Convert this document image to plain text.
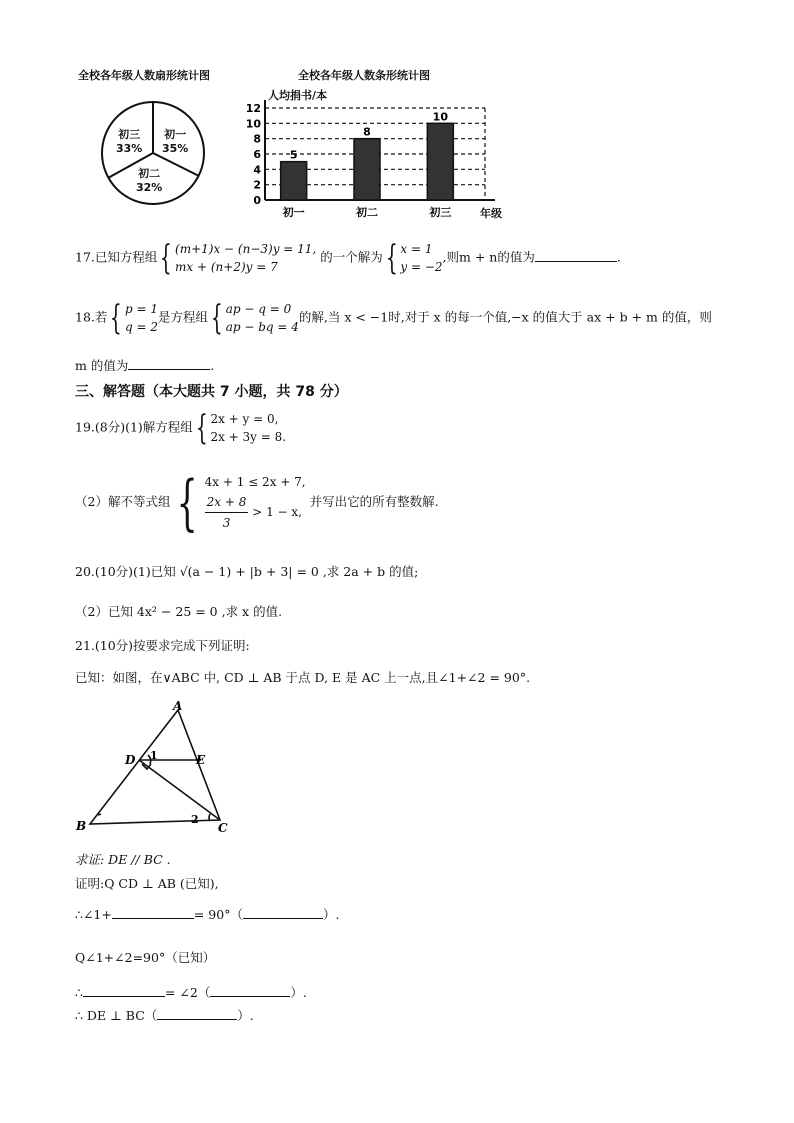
全校各年级人数扇形统计图
初三
33%
初一
35%
初二
32%
全校各年级人数条形统计图
人均捐书/本
年级
0
2
4
6
8
10
12
5
初一
8
初二
10
初三
17.已知方程组{ (m+1)x − (n−3)y = 11,
mx + (n+2)y = 7
的一个解为{ x = 1
y = −2
,则m + n的值为	.
18.若{ p = 1
q = 2
是方程组{ ap − q = 0
ap − bq = 4
的解,当 x < −1时,对于 x 的每一个值,−x 的值大于 ax + b + m 的值，则
m 的值为	.
三、解答题（本大题共 7 小题，共 78 分）
19.(8分)(1)解方程组{ 2x + y = 0,
2x + 3y = 8.
（2）解不等式组 { 4x + 1 ≤ 2x + 7,
$\frac{2x + 8}{3} > 1 - x$,
并写出它的所有整数解.
20.(10分)(1)已知 √(a − 1) + |b + 3| = 0 ,求 2a + b 的值;
（2）已知 4x² − 25 = 0 ,求 x 的值.
21.(10分)按要求完成下列证明:
已知：如图，在∨ABC 中, CD ⊥ AB 于点 D, E 是 AC 上一点,且∠1+∠2 = 90°.
A
B	C
D	E
1
2
求证: DE // BC .
证明:Q CD ⊥ AB (已知),
∴∠1+	= 90°（	）.
Q∠1+∠2=90°（已知）
∴	= ∠2（	）.
∴ DE ⊥ BC（	）.
